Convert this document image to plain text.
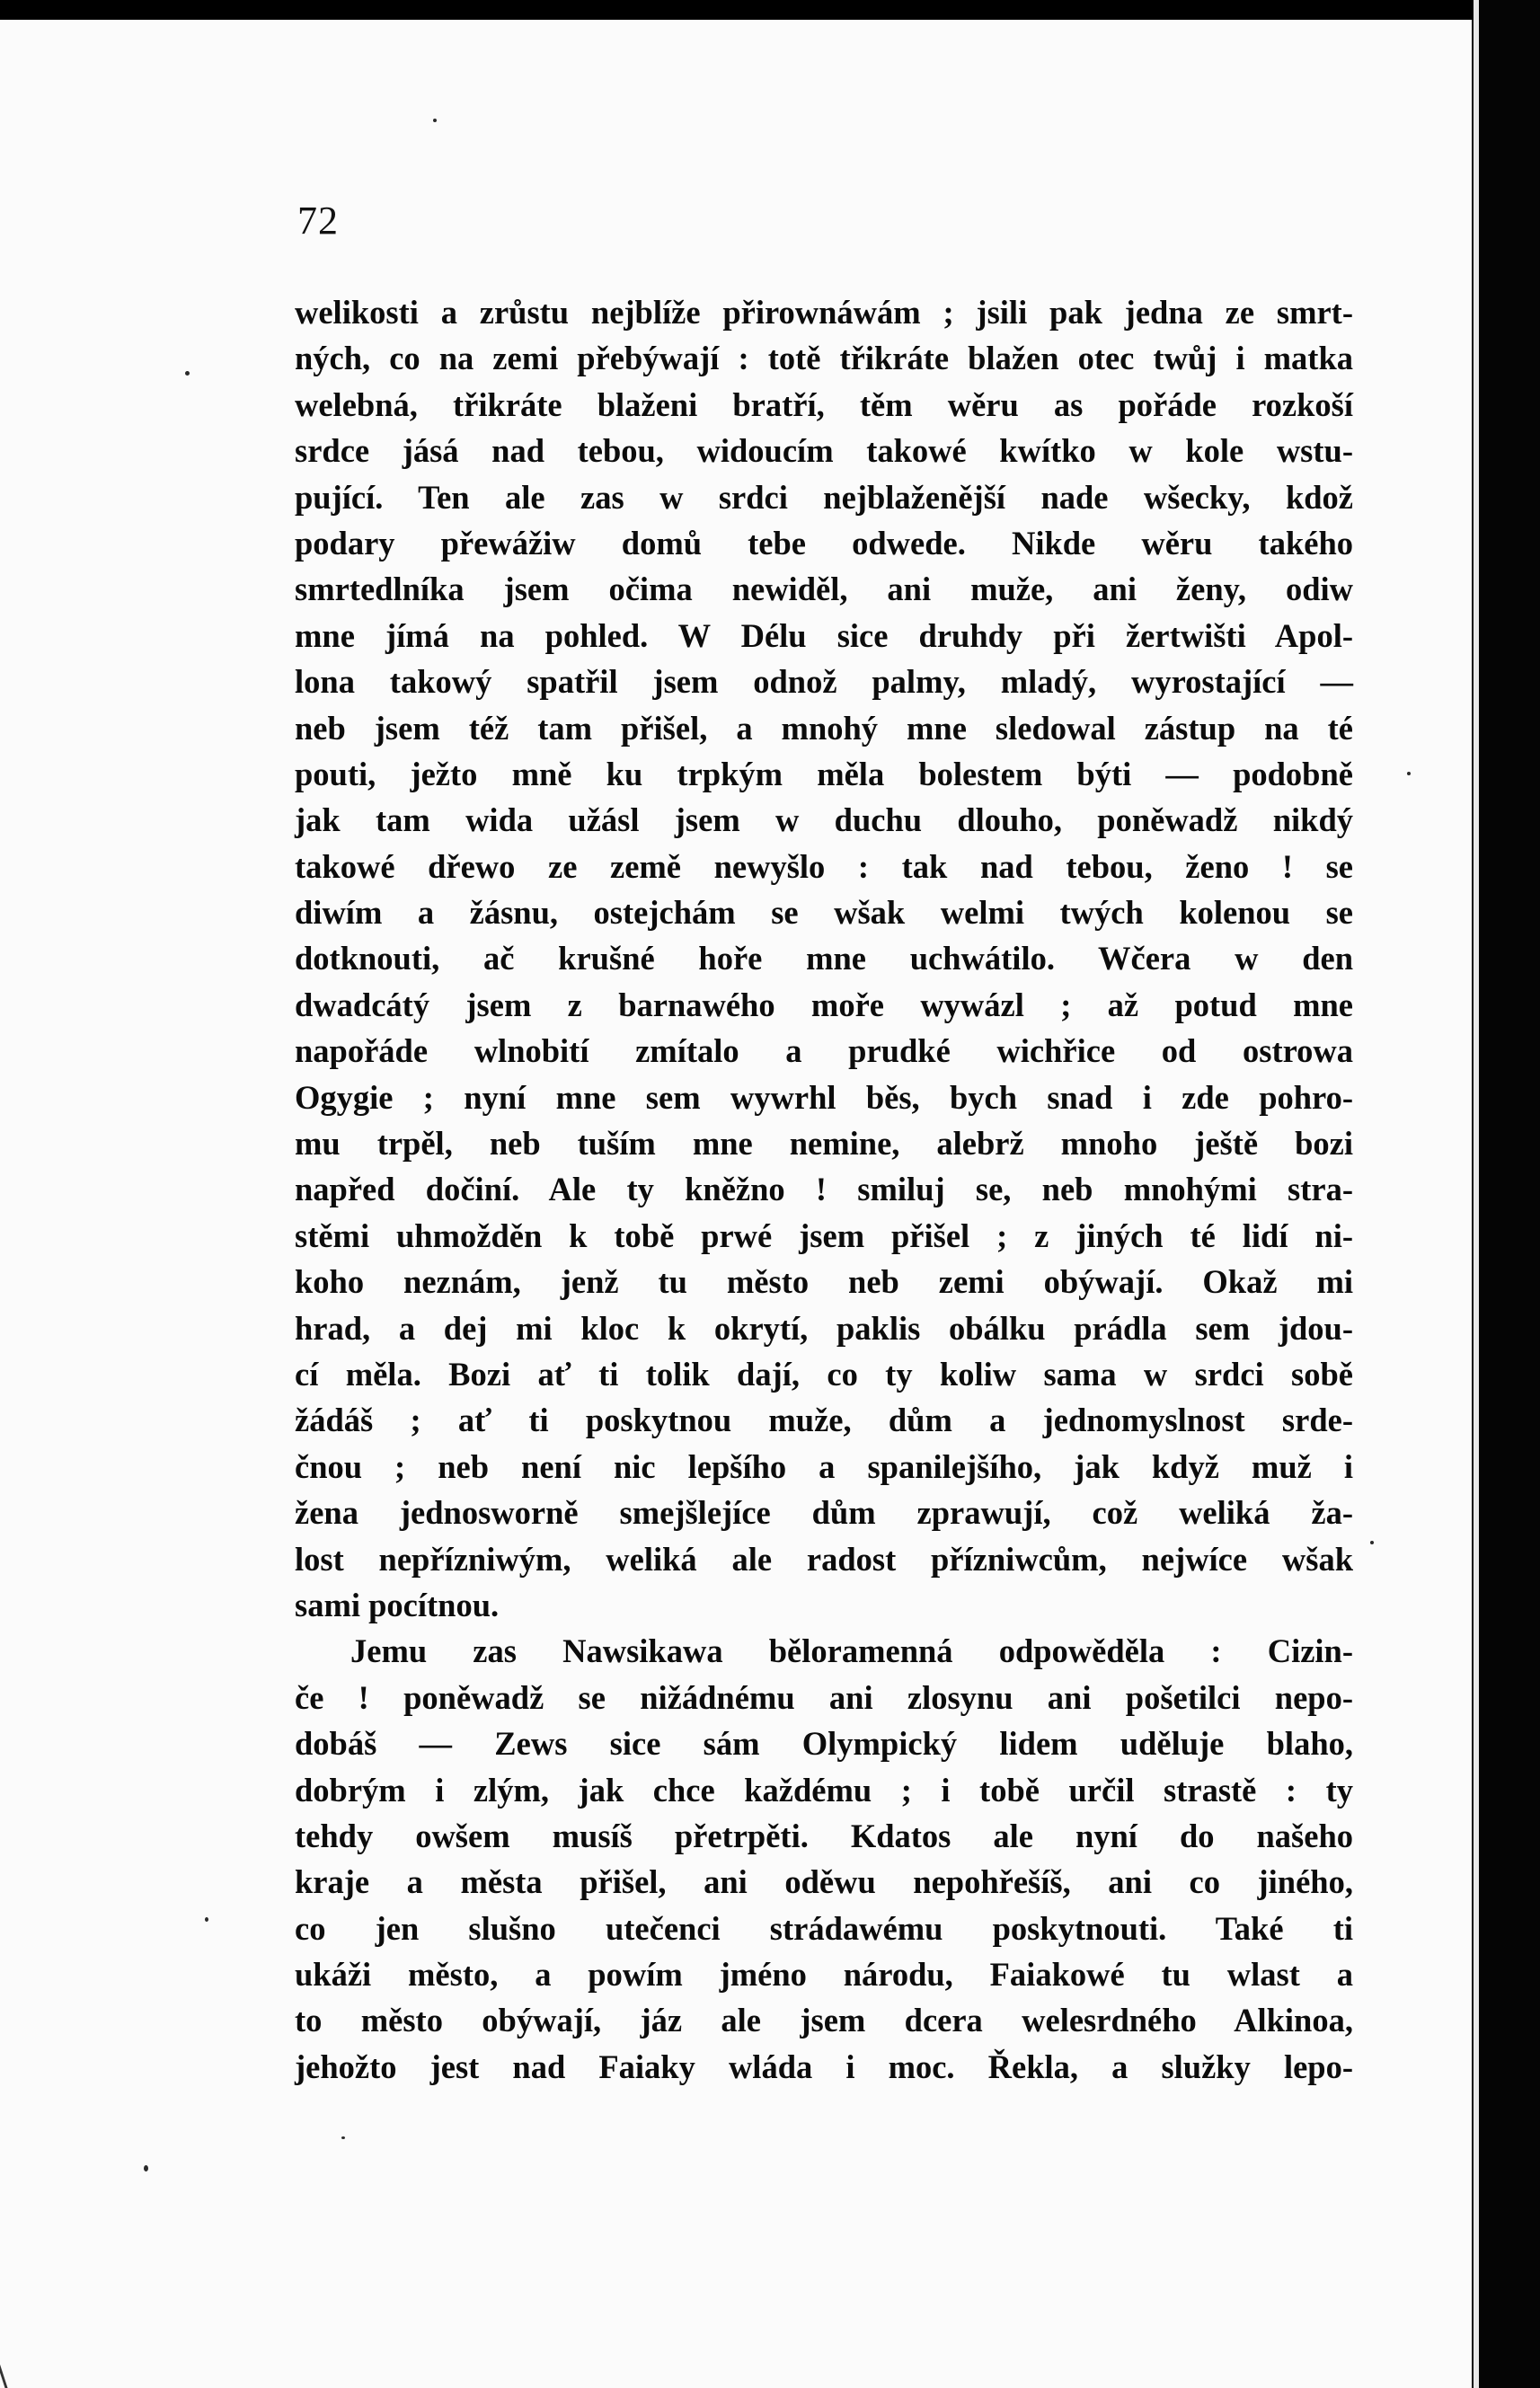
72

welikosti a zrůstu nejblíže přirownáwám ; jsili pak jedna ze smrt-
ných, co na zemi přebýwají : totě třikráte blažen otec twůj i matka
welebná, třikráte blaženi bratří, těm wěru as pořáde rozkoší
srdce jásá nad tebou, widoucím takowé kwítko w kole wstu-
pující. Ten ale zas w srdci nejblaženější nade wšecky, kdož
podary přewážiw domů tebe odwede. Nikde wěru takého
smrtedlníka jsem očima newiděl, ani muže, ani ženy, odiw
mne jímá na pohled. W Délu sice druhdy při žertwišti Apol-
lona takowý spatřil jsem odnož palmy, mladý, wyrostající —
neb jsem též tam přišel, a mnohý mne sledowal zástup na té
pouti, ježto mně ku trpkým měla bolestem býti — podobně
jak tam wida užásl jsem w duchu dlouho, poněwadž nikdý
takowé dřewo ze země newyšlo : tak nad tebou, ženo ! se
diwím a žásnu, ostejchám se wšak welmi twých kolenou se
dotknouti, ač krušné hoře mne uchwátilo. Wčera w den
dwadcátý jsem z barnawého moře wywázl ; až potud mne
napořáde wlnobití zmítalo a prudké wichřice od ostrowa
Ogygie ; nyní mne sem wywrhl běs, bych snad i zde pohro-
mu trpěl, neb tuším mne nemine, alebrž mnoho ještě bozi
napřed dočiní. Ale ty kněžno ! smiluj se, neb mnohými stra-
stěmi uhmožděn k tobě prwé jsem přišel ; z jiných té lidí ni-
koho neznám, jenž tu město neb zemi obýwají. Okaž mi
hrad, a dej mi kloc k okrytí, paklis obálku prádla sem jdou-
cí měla. Bozi ať ti tolik dají, co ty koliw sama w srdci sobě
žádáš ; ať ti poskytnou muže, dům a jednomyslnost srde-
čnou ; neb není nic lepšího a spanilejšího, jak když muž i
žena jednosworně smejšlejíce dům zprawují, což weliká ža-
lost nepřízniwým, weliká ale radost přízniwcům, nejwíce wšak
sami pocítnou.
Jemu zas Nawsikawa běloramenná odpowěděla : Cizin-
če ! poněwadž se nižádnému ani zlosynu ani pošetilci nepo-
dobáš — Zews sice sám Olympický lidem uděluje blaho,
dobrým i zlým, jak chce každému ; i tobě určil strastě : ty
tehdy owšem musíš přetrpěti. Kdatos ale nyní do našeho
kraje a města přišel, ani oděwu nepohřešíš, ani co jiného,
co jen slušno utečenci strádawému poskytnouti. Také ti
ukáži město, a powím jméno národu, Faiakowé tu wlast a
to město obýwají, jáz ale jsem dcera welesrdného Alkinoa,
jehožto jest nad Faiaky wláda i moc. Řekla, a služky lepo-
